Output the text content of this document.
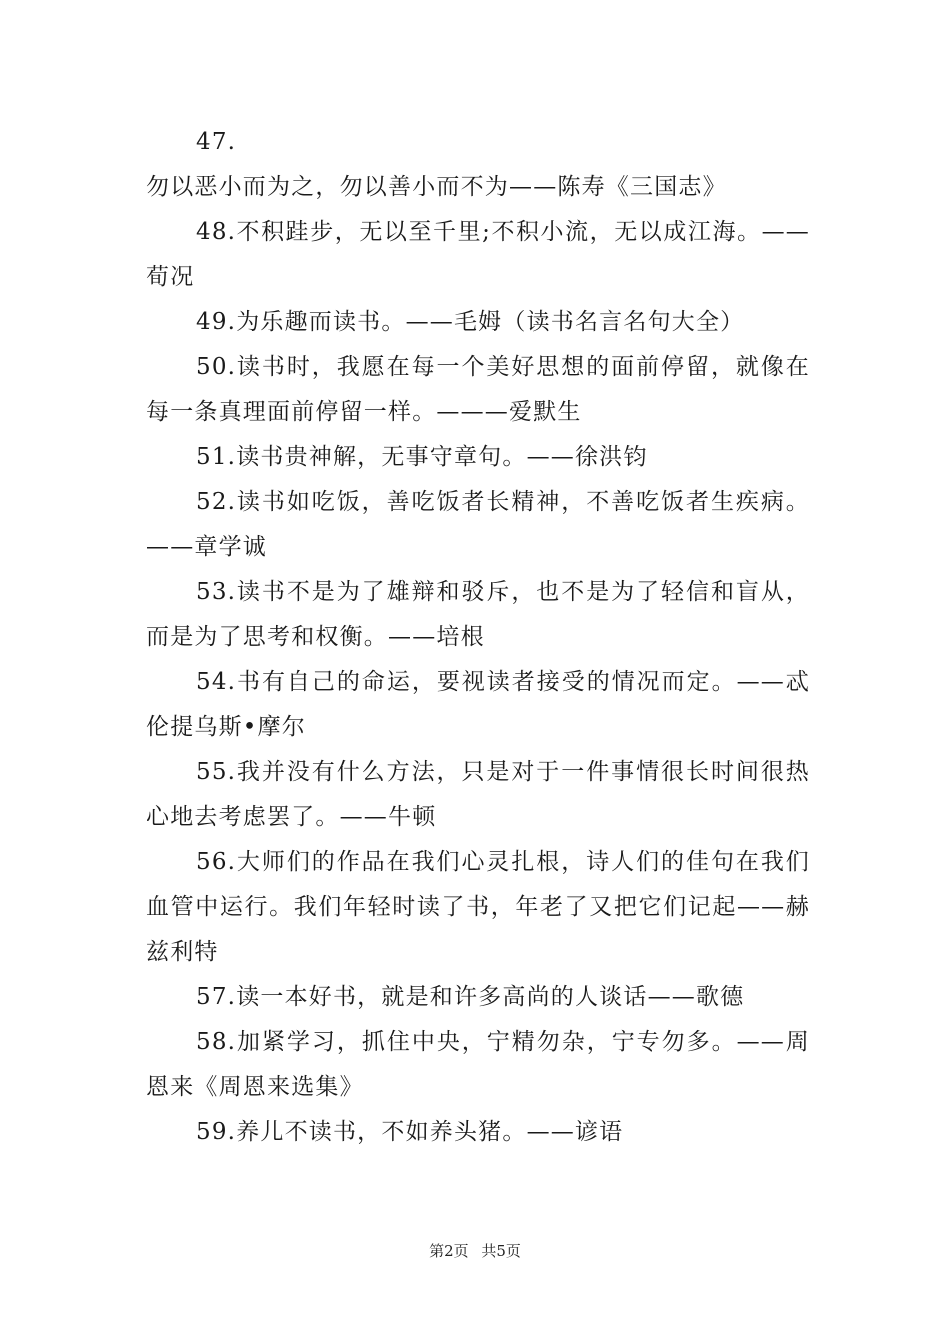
47.勿以恶小而为之，勿以善小而不为——陈寿《三国志》

48.不积跬步，无以至千里;不积小流，无以成江海。——荀况

49.为乐趣而读书。——毛姆（读书名言名句大全）

50.读书时，我愿在每一个美好思想的面前停留，就像在每一条真理面前停留一样。———爱默生

51.读书贵神解，无事守章句。——徐洪钧

52.读书如吃饭，善吃饭者长精神，不善吃饭者生疾病。——章学诚

53.读书不是为了雄辩和驳斥，也不是为了轻信和盲从，而是为了思考和权衡。——培根

54.书有自己的命运，要视读者接受的情况而定。——忒伦提乌斯•摩尔

55.我并没有什么方法，只是对于一件事情很长时间很热心地去考虑罢了。——牛顿

56.大师们的作品在我们心灵扎根，诗人们的佳句在我们血管中运行。我们年轻时读了书，年老了又把它们记起——赫兹利特

57.读一本好书，就是和许多高尚的人谈话——歌德

58.加紧学习，抓住中央，宁精勿杂，宁专勿多。——周恩来《周恩来选集》

59.养儿不读书，不如养头猪。——谚语

第2页 共5页
